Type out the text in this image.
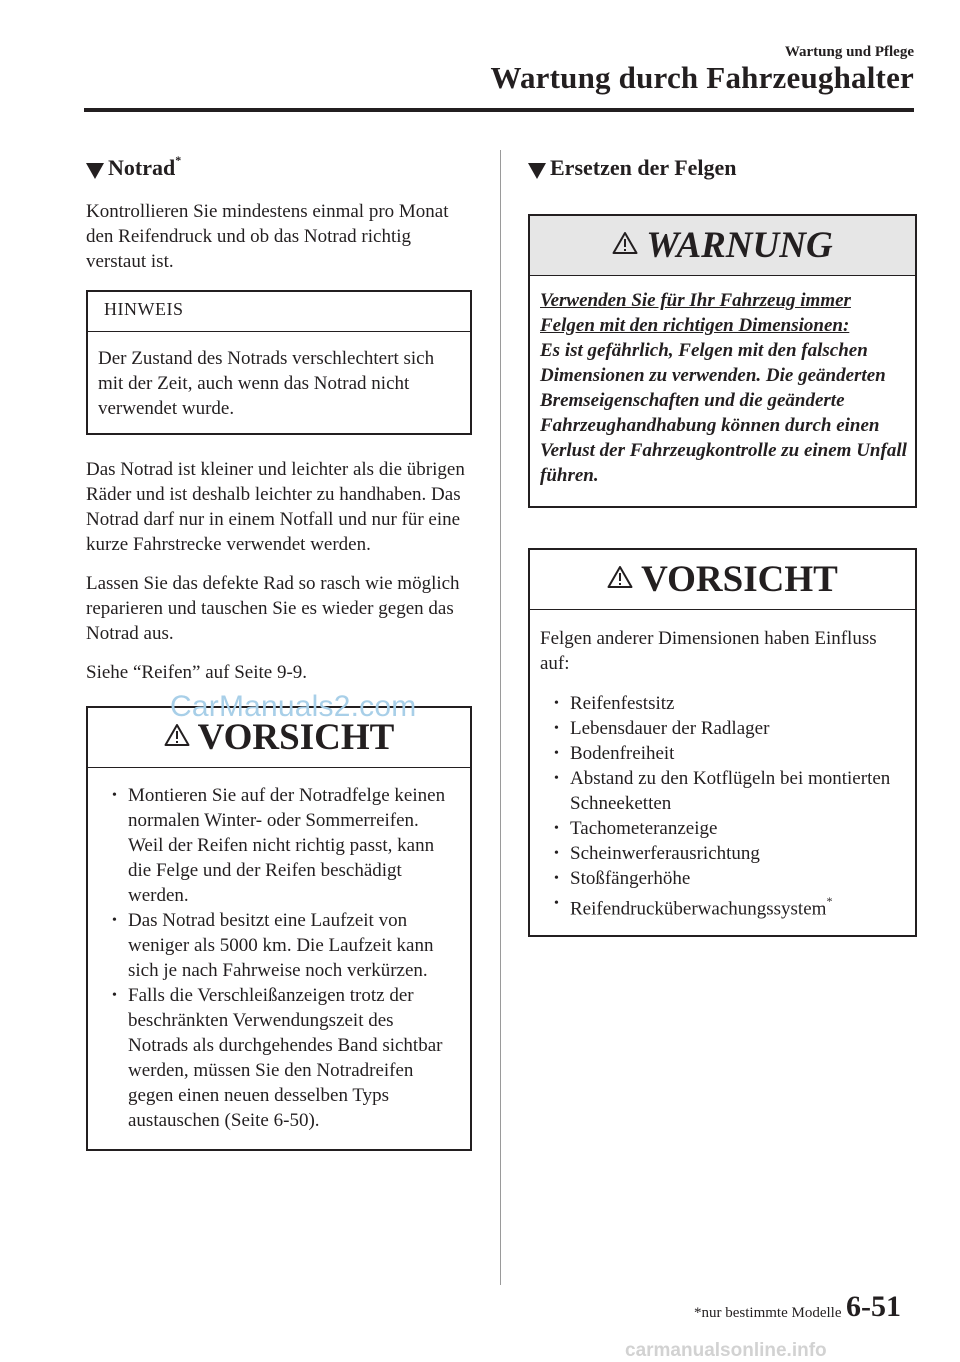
Wartung und Pflege
Wartung durch Fahrzeughalter
Notrad *

Kontrollieren Sie mindestens einmal pro Monat den Reifendruck und ob das Notrad richtig verstaut ist.

HINWEIS
Der Zustand des Notrads verschlechtert sich mit der Zeit, auch wenn das Notrad nicht verwendet wurde.

Das Notrad ist kleiner und leichter als die übrigen Räder und ist deshalb leichter zu handhaben. Das Notrad darf nur in einem Notfall und nur für eine kurze Fahrstrecke verwendet werden.

Lassen Sie das defekte Rad so rasch wie möglich reparieren und tauschen Sie es wieder gegen das Notrad aus.

Siehe “Reifen” auf Seite 9-9.

VORSICHT
• Montieren Sie auf der Notradfelge keinen normalen Winter- oder Sommerreifen. Weil der Reifen nicht richtig passt, kann die Felge und der Reifen beschädigt werden.
• Das Notrad besitzt eine Laufzeit von weniger als 5000 km. Die Laufzeit kann sich je nach Fahrweise noch verkürzen.
• Falls die Verschleißanzeigen trotz der beschränkten Verwendungszeit des Notrads als durchgehendes Band sichtbar werden, müssen Sie den Notradreifen gegen einen neuen desselben Typs austauschen (Seite 6-50).
Ersetzen der Felgen
WARNUNG
Verwenden Sie für Ihr Fahrzeug immer Felgen mit den richtigen Dimensionen:
Es ist gefährlich, Felgen mit den falschen Dimensionen zu verwenden. Die geänderten Bremseigenschaften und die geänderte Fahrzeughandhabung können durch einen Verlust der Fahrzeugkontrolle zu einem Unfall führen.
VORSICHT

Felgen anderer Dimensionen haben Einfluss auf:

• Reifenfestsitz
• Lebensdauer der Radlager
• Bodenfreiheit
• Abstand zu den Kotflügeln bei montierten Schneeketten
• Tachometeranzeige
• Scheinwerferausrichtung
• Stoßfängerhöhe
• Reifendrucküberwachungssystem*
CarManuals2.com
carmanualsonline.info
*nur bestimmte Modelle 6-51
